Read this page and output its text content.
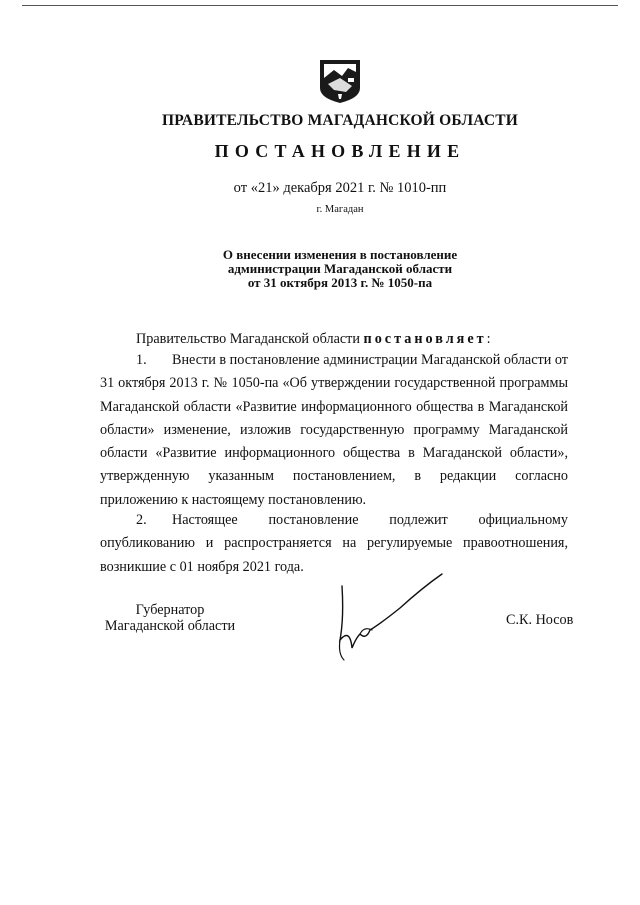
ПРАВИТЕЛЬСТВО МАГАДАНСКОЙ ОБЛАСТИ
ПОСТАНОВЛЕНИЕ
от «21» декабря 2021 г. № 1010-пп
г. Магадан
О внесении изменения в постановление
администрации Магаданской области
от 31 октября 2013 г. № 1050-па
Правительство Магаданской области постановляет:
1. Внести в постановление администрации Магаданской области от 31 октября 2013 г. № 1050-па «Об утверждении государственной программы Магаданской области «Развитие информационного общества в Магаданской области» изменение, изложив государственную программу Магаданской области «Развитие информационного общества в Магаданской области», утвержденную указанным постановлением, в редакции согласно приложению к настоящему постановлению.
2. Настоящее постановление подлежит официальному опубликованию и распространяется на регулируемые правоотношения, возникшие с 01 ноября 2021 года.
Губернатор
Магаданской области	С.К. Носов
